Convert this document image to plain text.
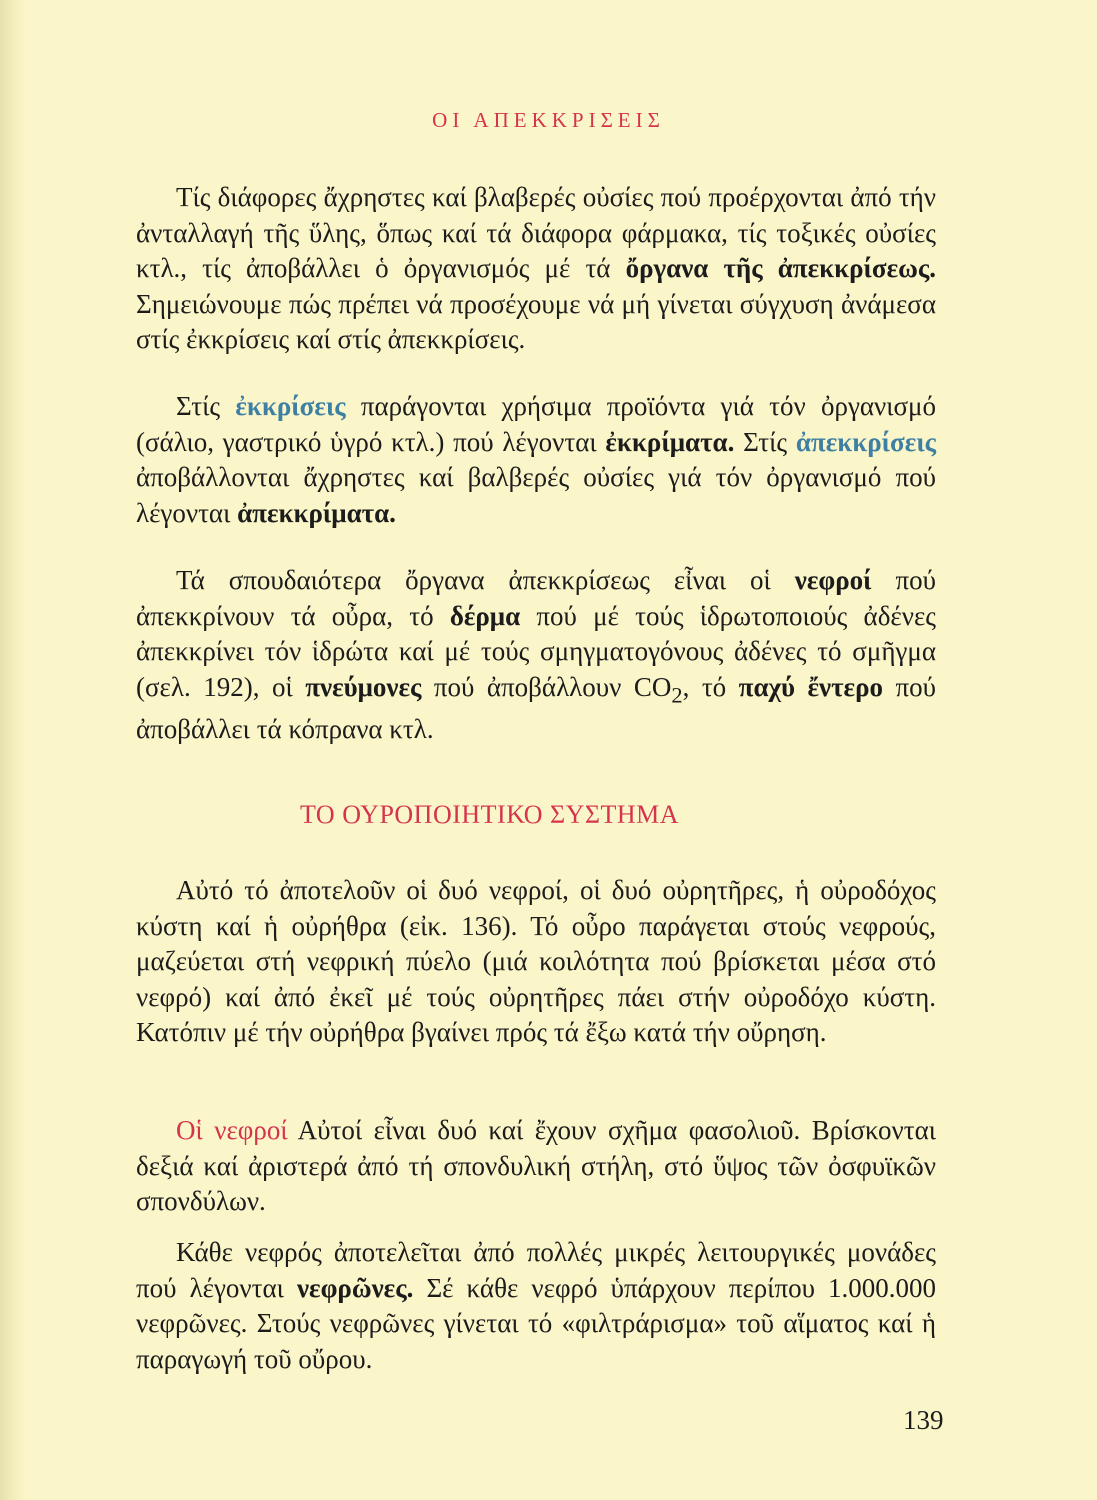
ΟΙ ΑΠΕΚΚΡΙΣΕΙΣ

Τίς διάφορες ἄχρηστες καί βλαβερές οὐσίες πού προέρχονται ἀπό τήν ἀνταλλαγή τῆς ὕλης, ὅπως καί τά διάφορα φάρμακα, τίς τοξικές οὐσίες κτλ., τίς ἀποβάλλει ὁ ὀργανισμός μέ τά ὄργανα τῆς ἀπεκκρίσεως. Σημειώνουμε πώς πρέπει νά προσέχουμε νά μή γίνεται σύγχυση ἀνάμεσα στίς ἐκκρίσεις καί στίς ἀπεκκρίσεις.

Στίς ἐκκρίσεις παράγονται χρήσιμα προϊόντα γιά τόν ὀργανισμό (σάλιο, γαστρικό ὑγρό κτλ.) πού λέγονται ἐκκρίματα. Στίς ἀπεκκρίσεις ἀποβάλλονται ἄχρηστες καί βαλβερές οὐσίες γιά τόν ὀργανισμό πού λέγονται ἀπεκκρίματα.

Τά σπουδαιότερα ὄργανα ἀπεκκρίσεως εἶναι οἱ νεφροί πού ἀπεκκρίνουν τά οὖρα, τό δέρμα πού μέ τούς ἱδρωτοποιούς ἀδένες ἀπεκκρίνει τόν ἱδρώτα καί μέ τούς σμηγματογόνους ἀδένες τό σμῆγμα (σελ. 192), οἱ πνεύμονες πού ἀποβάλλουν $CO_2$, τό παχύ ἔντερο πού ἀποβάλλει τά κόπρανα κτλ.

ΤΟ ΟΥΡΟΠΟΙΗΤΙΚΟ ΣΥΣΤΗΜΑ

Αὐτό τό ἀποτελοῦν οἱ δυό νεφροί, οἱ δυό οὐρητῆρες, ἡ οὐροδόχος κύστη καί ἡ οὐρήθρα (εἰκ. 136). Τό οὖρο παράγεται στούς νεφρούς, μαζεύεται στή νεφρική πύελο (μιά κοιλότητα πού βρίσκεται μέσα στό νεφρό) καί ἀπό ἐκεῖ μέ τούς οὐρητῆρες πάει στήν οὐροδόχο κύστη. Κατόπιν μέ τήν οὐρήθρα βγαίνει πρός τά ἔξω κατά τήν οὔρηση.

Οἱ νεφροί Αὐτοί εἶναι δυό καί ἔχουν σχῆμα φασολιοῦ. Βρίσκονται δεξιά καί ἀριστερά ἀπό τή σπονδυλική στήλη, στό ὕψος τῶν ὀσφυϊκῶν σπονδύλων.

Κάθε νεφρός ἀποτελεῖται ἀπό πολλές μικρές λειτουργικές μονάδες πού λέγονται νεφρῶνες. Σέ κάθε νεφρό ὑπάρχουν περίπου 1.000.000 νεφρῶνες. Στούς νεφρῶνες γίνεται τό «φιλτράρισμα» τοῦ αἵματος καί ἡ παραγωγή τοῦ οὔρου.

139
